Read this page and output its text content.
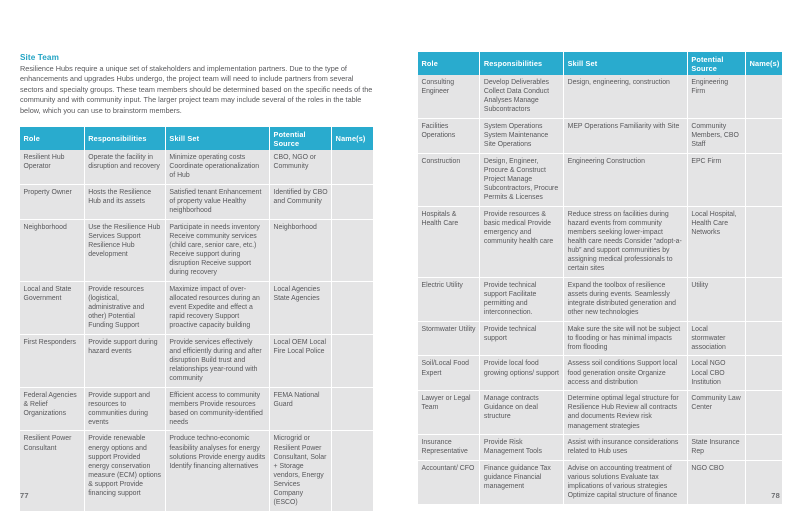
Site Team

Resilience Hubs require a unique set of stakeholders and implementation partners. Due to the type of enhancements and upgrades Hubs undergo, the project team will need to include partners from several sectors and specialty groups. These team members should be determined based on the specific needs of the community and with community input. The larger project team may include several of the roles in the table below, which you can use to brainstorm members.

Role	Responsibilities	Skill Set	Potential Source	Name(s)
Resilient Hub Operator	Operate the facility in disruption and recovery	Minimize operating costs Coordinate operationalization of Hub	CBO, NGO or Community	
Property Owner	Hosts the Resilience Hub and its assets	Satisfied tenant Enhancement of property value Healthy neighborhood	Identified by CBO and Community	
Neighborhood	Use the Resilience Hub Services Support Resilience Hub development	Participate in needs inventory Receive community services (child care, senior care, etc.) Receive support during disruption Receive support during recovery	Neighborhood	
Local and State Government	Provide resources (logistical, administrative and other) Potential Funding Support	Maximize impact of over-allocated resources during an event Expedite and effect a rapid recovery Support proactive capacity building	Local Agencies State Agencies	
First Responders	Provide support during hazard events	Provide services effectively and efficiently during and after disruption Build trust and relationships year-round with community	Local OEM Local Fire Local Police	
Federal Agencies & Relief Organizations	Provide support and resources to communities during events	Efficient access to community members Provide resources based on community-identified needs	FEMA National Guard	
Resilient Power Consultant	Provide renewable energy options and support Provided energy conservation measure (ECM) options & support Provide financing support	Produce techno-economic feasibility analyses for energy solutions Provide energy audits Identify financing alternatives	Microgrid or Resilient Power Consultant, Solar + Storage vendors, Energy Services Company (ESCO)	
77
Role	Responsibilities	Skill Set	Potential Source	Name(s)
Consulting Engineer	Develop Deliverables Collect Data Conduct Analyses Manage Subcontractors	Design, engineering, construction	Engineering Firm	
Facilities Operations	System Operations System Maintenance Site Operations	MEP Operations Familiarity with Site	Community Members, CBO Staff	
Construction	Design, Engineer, Procure & Construct Project Manage Subcontractors, Procure Permits & Licenses	Engineering Construction	EPC Firm	
Hospitals & Health Care	Provide resources & basic medical Provide emergency and community health care	Reduce stress on facilities during hazard events from community members seeking lower-impact health care needs Consider “adopt-a-hub” and support communities by assigning medical professionals to certain sites	Local Hospital, Health Care Networks	
Electric Utility	Provide technical support Facilitate permitting and interconnection.	Expand the toolbox of resilience assets during events. Seamlessly integrate distributed generation and other new technologies	Utility	
Stormwater Utility	Provide technical support	Make sure the site will not be subject to flooding or has minimal impacts from flooding	Local stormwater association	
Soil/Local Food Expert	Provide local food growing options/ support	Assess soil conditions Support local food generation onsite Organize access and distribution	Local NGO Local CBO Institution	
Lawyer or Legal Team	Manage contracts Guidance on deal structure	Determine optimal legal structure for Resilience Hub Review all contracts and documents Review risk management strategies	Community Law Center	
Insurance Representative	Provide Risk Management Tools	Assist with insurance considerations related to Hub uses	State Insurance Rep	
Accountant/ CFO	Finance guidance Tax guidance Financial management	Advise on accounting treatment of various solutions Evaluate tax implications of various strategies Optimize capital structure of finance	NGO CBO	
78
